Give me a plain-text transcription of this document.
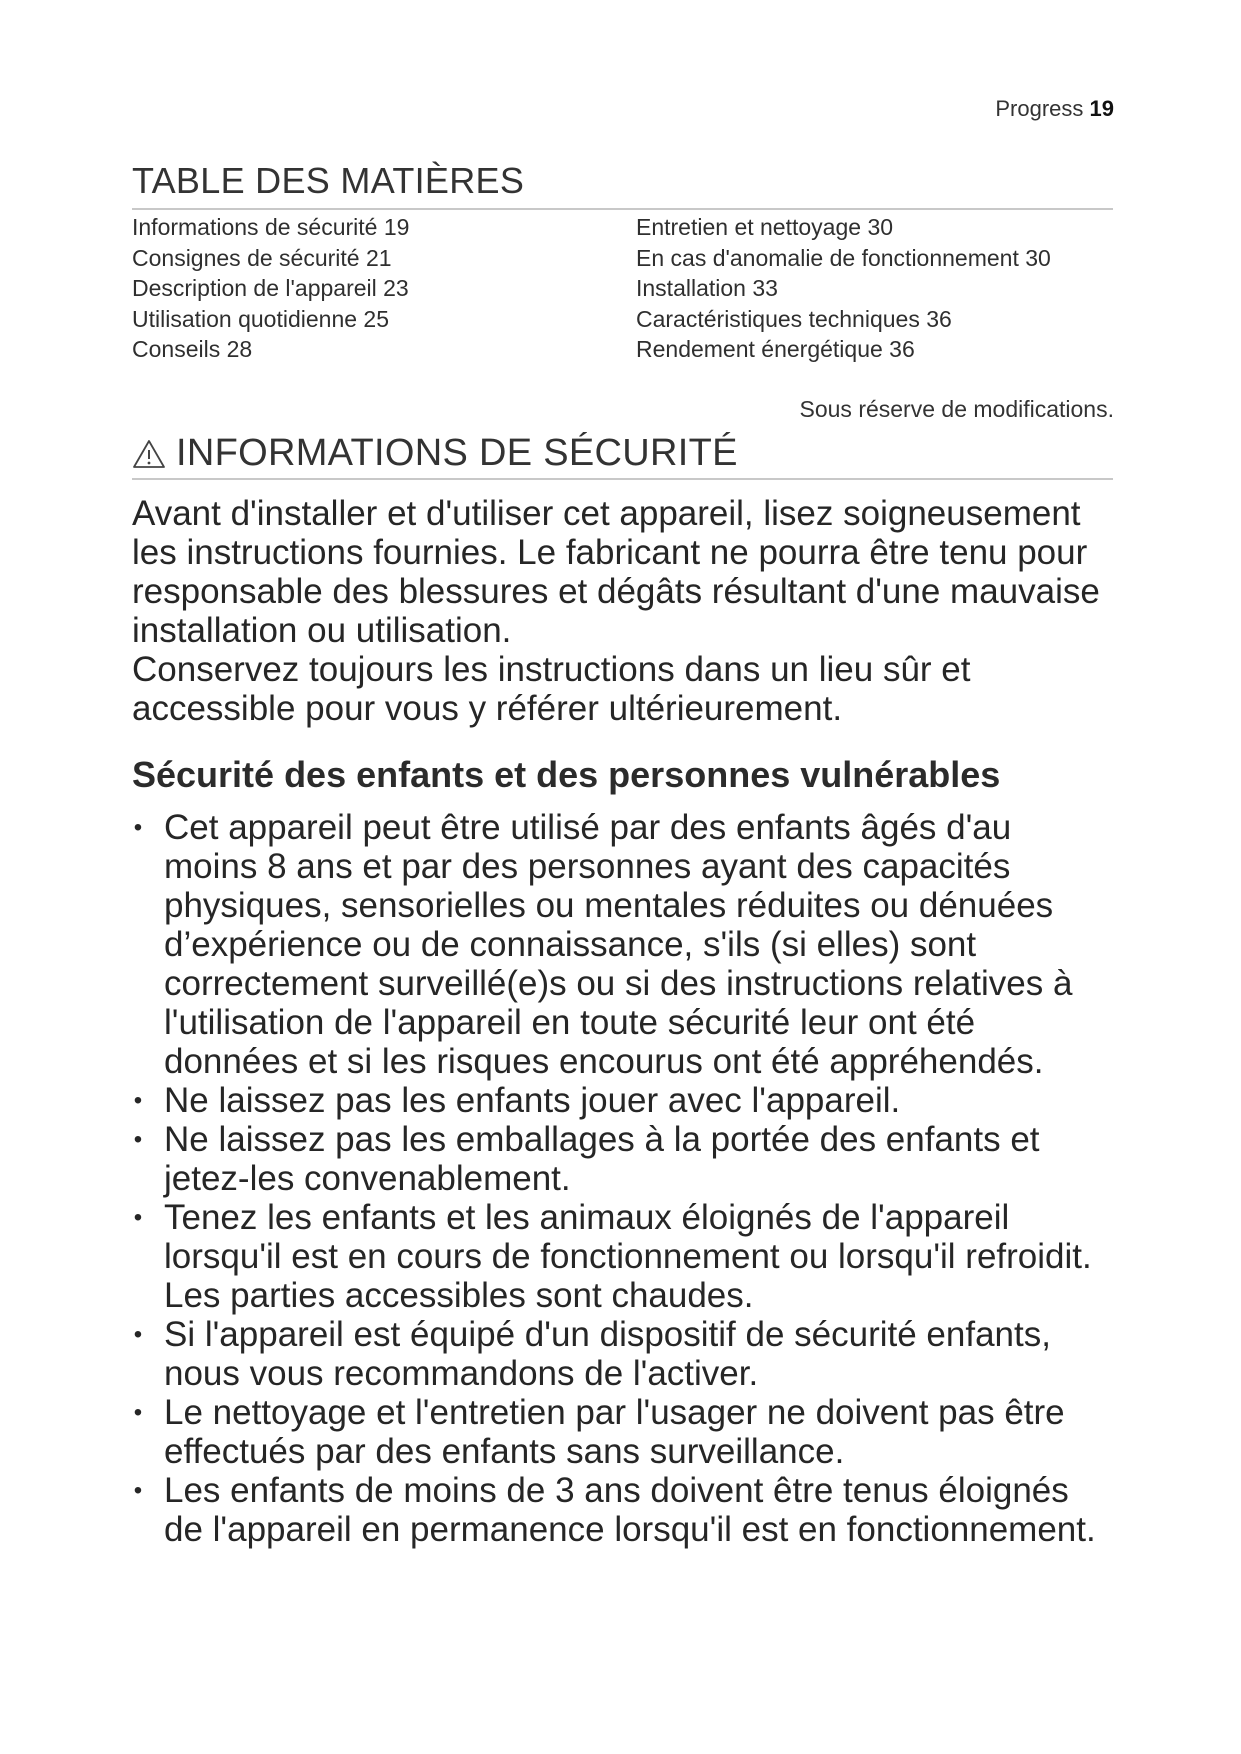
Progress 19
TABLE DES MATIÈRES
Informations de sécurité 19
Consignes de sécurité 21
Description de l'appareil 23
Utilisation quotidienne 25
Conseils 28
Entretien et nettoyage 30
En cas d'anomalie de fonctionnement 30
Installation 33
Caractéristiques techniques 36
Rendement énergétique 36
Sous réserve de modifications.
INFORMATIONS DE SÉCURITÉ

Avant d'installer et d'utiliser cet appareil, lisez soigneusement les instructions fournies. Le fabricant ne pourra être tenu pour responsable des blessures et dégâts résultant d'une mauvaise installation ou utilisation.

Conservez toujours les instructions dans un lieu sûr et accessible pour vous y référer ultérieurement.

Sécurité des enfants et des personnes vulnérables
• Cet appareil peut être utilisé par des enfants âgés d'au moins 8 ans et par des personnes ayant des capacités physiques, sensorielles ou mentales réduites ou dénuées d’expérience ou de connaissance, s'ils (si elles) sont correctement surveillé(e)s ou si des instructions relatives à l'utilisation de l'appareil en toute sécurité leur ont été données et si les risques encourus ont été appréhendés.
• Ne laissez pas les enfants jouer avec l'appareil.
• Ne laissez pas les emballages à la portée des enfants et jetez-les convenablement.
• Tenez les enfants et les animaux éloignés de l'appareil lorsqu'il est en cours de fonctionnement ou lorsqu'il refroidit. Les parties accessibles sont chaudes.
• Si l'appareil est équipé d'un dispositif de sécurité enfants, nous vous recommandons de l'activer.
• Le nettoyage et l'entretien par l'usager ne doivent pas être effectués par des enfants sans surveillance.
• Les enfants de moins de 3 ans doivent être tenus éloignés de l'appareil en permanence lorsqu'il est en fonctionnement.
